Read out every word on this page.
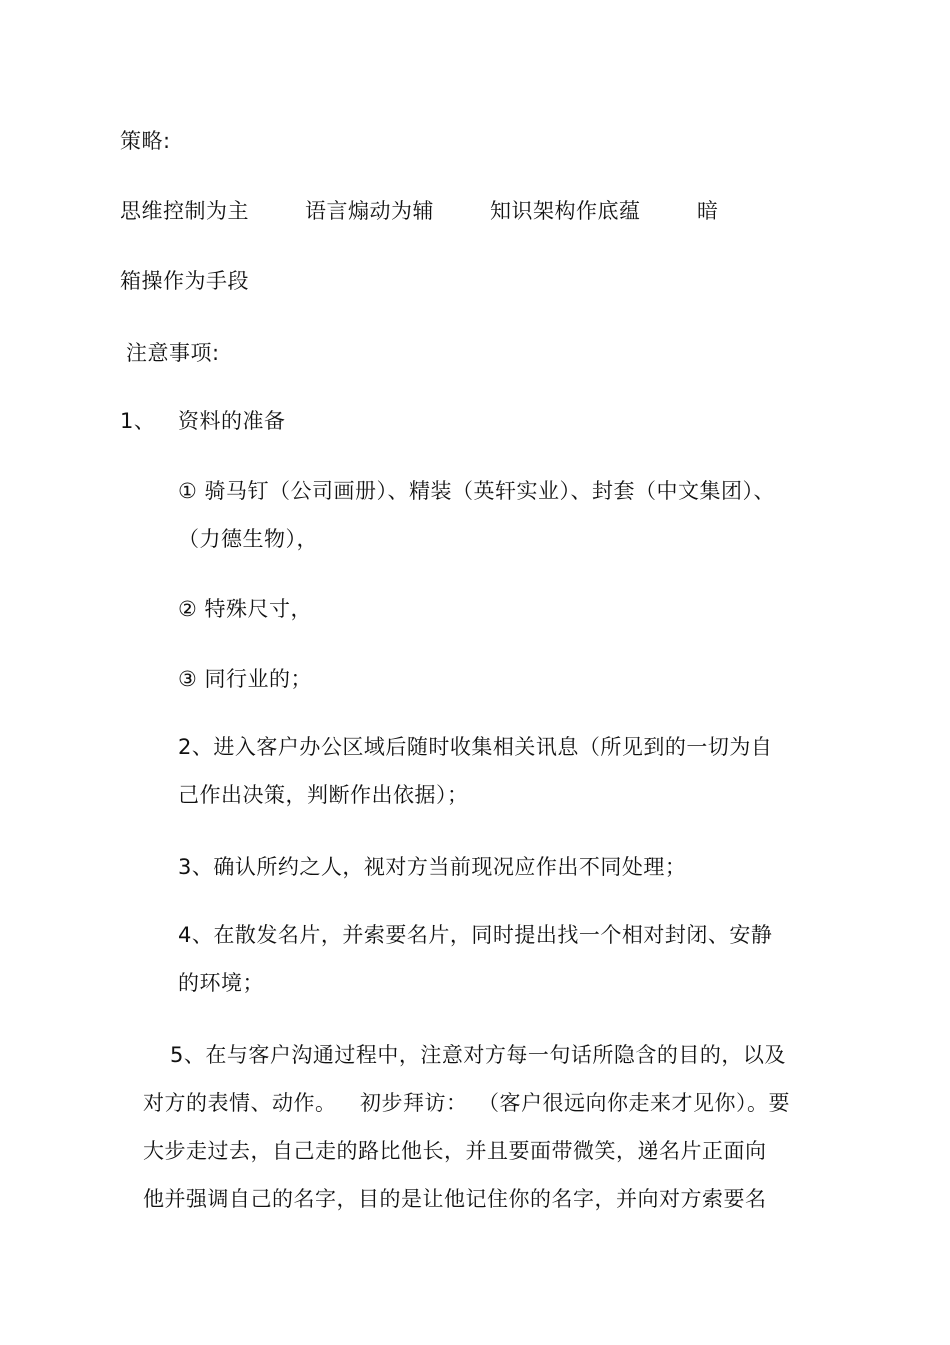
策略:
思维控制为主	语言煽动为辅	知识架构作底蕴	暗
箱操作为手段
注意事项:
1、 资料的准备
① 骑马钉（公司画册）、精装（英轩实业）、封套（中文集团）、
（力德生物），
② 特殊尺寸，
③ 同行业的；
2、进入客户办公区域后随时收集相关讯息（所见到的一切为自
己作出决策，判断作出依据）；
3、确认所约之人，视对方当前现况应作出不同处理；
4、在散发名片，并索要名片，同时提出找一个相对封闭、安静
的环境；
5、在与客户沟通过程中，注意对方每一句话所隐含的目的，以及
对方的表情、动作。 初步拜访： （客户很远向你走来才见你）。要
大步走过去，自己走的路比他长，并且要面带微笑，递名片正面向
他并强调自己的名字，目的是让他记住你的名字，并向对方索要名
